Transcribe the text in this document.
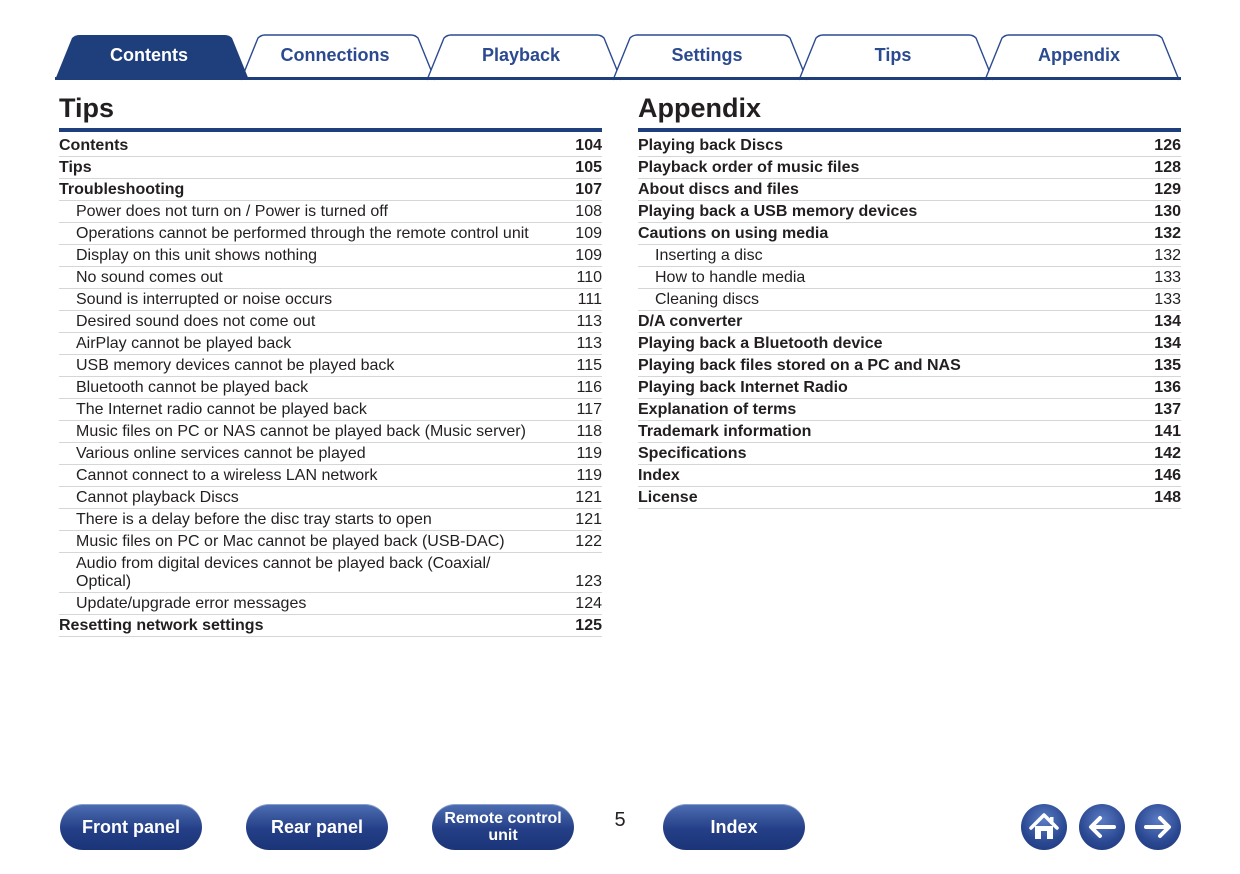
Contents	Connections	Playback	Settings	Tips	Appendix
Tips
Contents	104
Tips	105
Troubleshooting	107
Power does not turn on / Power is turned off	108
Operations cannot be performed through the remote control unit	109
Display on this unit shows nothing	109
No sound comes out	110
Sound is interrupted or noise occurs	111
Desired sound does not come out	113
AirPlay cannot be played back	113
USB memory devices cannot be played back	115
Bluetooth cannot be played back	116
The Internet radio cannot be played back	117
Music files on PC or NAS cannot be played back (Music server)	118
Various online services cannot be played	119
Cannot connect to a wireless LAN network	119
Cannot playback Discs	121
There is a delay before the disc tray starts to open	121
Music files on PC or Mac cannot be played back (USB-DAC)	122
Audio from digital devices cannot be played back (Coaxial/
Optical)	123
Update/upgrade error messages	124
Resetting network settings	125
Appendix
Playing back Discs	126
Playback order of music files	128
About discs and files	129
Playing back a USB memory devices	130
Cautions on using media	132
Inserting a disc	132
How to handle media	133
Cleaning discs	133
D/A converter	134
Playing back a Bluetooth device	134
Playing back files stored on a PC and NAS	135
Playing back Internet Radio	136
Explanation of terms	137
Trademark information	141
Specifications	142
Index	146
License	148
Front panel	Rear panel	Remote control
unit
5	Index
